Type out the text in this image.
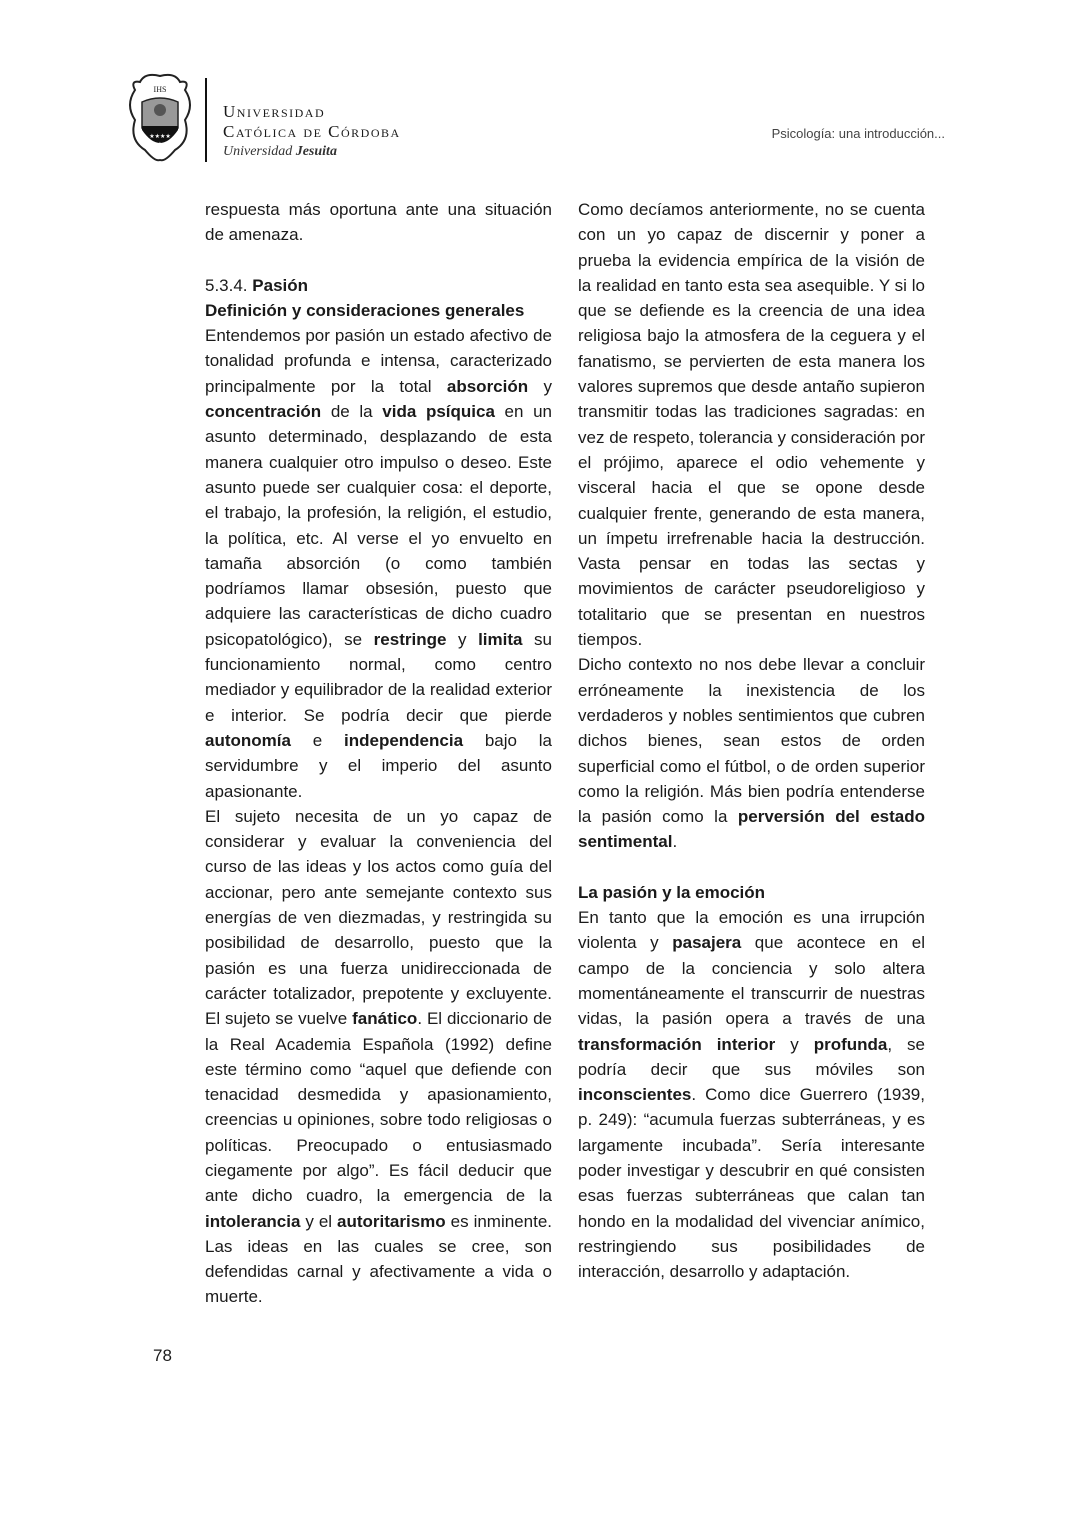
IHS
★★★★
★★★
Universidad
Católica de Córdoba
Universidad Jesuita
Psicología: una introducción...

respuesta más oportuna ante una situación de amenaza.

5.3.4. Pasión

Definición y consideraciones generales

Entendemos por pasión un estado afectivo de tonalidad profunda e intensa, caracterizado principalmente por la total absorción y concentración de la vida psíquica en un asunto determinado, desplazando de esta manera cualquier otro impulso o deseo. Este asunto puede ser cualquier cosa: el deporte, el trabajo, la profesión, la religión, el estudio, la política, etc. Al verse el yo envuelto en tamaña absorción (o como también podríamos llamar obsesión, puesto que adquiere las características de dicho cuadro psicopatológico), se restringe y limita su funcionamiento normal, como centro mediador y equilibrador de la realidad exterior e interior. Se podría decir que pierde autonomía e independencia bajo la servidumbre y el imperio del asunto apasionante.

El sujeto necesita de un yo capaz de considerar y evaluar la conveniencia del curso de las ideas y los actos como guía del accionar, pero ante semejante contexto sus energías de ven diezmadas, y restringida su posibilidad de desarrollo, puesto que la pasión es una fuerza unidireccionada de carácter totalizador, prepotente y excluyente. El sujeto se vuelve fanático. El diccionario de la Real Academia Española (1992) define este término como “aquel que defiende con tenacidad desmedida y apasionamiento, creencias u opiniones, sobre todo religiosas o políticas. Preocupado o entusiasmado ciegamente por algo”. Es fácil deducir que ante dicho cuadro, la emergencia de la intolerancia y el autoritarismo es inminente. Las ideas en las cuales se cree, son defendidas carnal y afectivamente a vida o muerte.

Como decíamos anteriormente, no se cuenta con un yo capaz de discernir y poner a prueba la evidencia empírica de la visión de la realidad en tanto esta sea asequible. Y si lo que se defiende es la creencia de una idea religiosa bajo la atmosfera de la ceguera y el fanatismo, se pervierten de esta manera los valores supremos que desde antaño supieron transmitir todas las tradiciones sagradas: en vez de respeto, tolerancia y consideración por el prójimo, aparece el odio vehemente y visceral hacia el que se opone desde cualquier frente, generando de esta manera, un ímpetu irrefrenable hacia la destrucción. Vasta pensar en todas las sectas y movimientos de carácter pseudoreligioso y totalitario que se presentan en nuestros tiempos.

Dicho contexto no nos debe llevar a concluir erróneamente la inexistencia de los verdaderos y nobles sentimientos que cubren dichos bienes, sean estos de orden superficial como el fútbol, o de orden superior como la religión. Más bien podría entenderse la pasión como la perversión del estado sentimental.

La pasión y la emoción

En tanto que la emoción es una irrupción violenta y pasajera que acontece en el campo de la conciencia y solo altera momentáneamente el transcurrir de nuestras vidas, la pasión opera a través de una transformación interior y profunda, se podría decir que sus móviles son inconscientes. Como dice Guerrero (1939, p. 249): “acumula fuerzas subterráneas, y es largamente incubada”. Sería interesante poder investigar y descubrir en qué consisten esas fuerzas subterráneas que calan tan hondo en la modalidad del vivenciar anímico, restringiendo sus posibilidades de interacción, desarrollo y adaptación.

78
